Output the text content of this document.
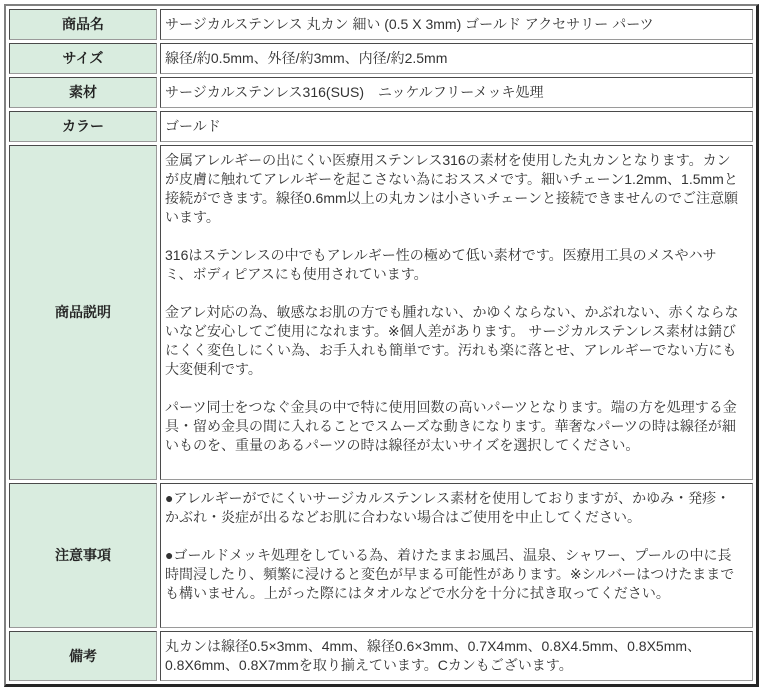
商品名	サージカルステンレス 丸カン 細い (0.5 X 3mm) ゴールド アクセサリー パーツ

サイズ	線径/約0.5mm、外径/約3mm、内径/約2.5mm

素材	サージカルステンレス316(SUS)　ニッケルフリーメッキ処理

カラー	ゴールド

商品説明	金属アレルギーの出にくい医療用ステンレス316の素材を使用した丸カンとなります。カンが皮膚に触れてアレルギーを起こさない為におススメです。細いチェーン1.2mm、1.5mmと接続ができます。線径0.6mm以上の丸カンは小さいチェーンと接続できませんのでご注意願います。

316はステンレスの中でもアレルギー性の極めて低い素材です。医療用工具のメスやハサミ、ボディピアスにも使用されています。

金アレ対応の為、敏感なお肌の方でも腫れない、かゆくならない、かぶれない、赤くならないなど安心してご使用になれます。※個人差があります。 サージカルステンレス素材は錆びにくく変色しにくい為、お手入れも簡単です。汚れも楽に落とせ、アレルギーでない方にも大変便利です。

パーツ同士をつなぐ金具の中で特に使用回数の高いパーツとなります。端の方を処理する金具・留め金具の間に入れることでスムーズな動きになります。華奢なパーツの時は線径が細いものを、重量のあるパーツの時は線径が太いサイズを選択してください。

注意事項	●アレルギーがでにくいサージカルステンレス素材を使用しておりますが、かゆみ・発疹・かぶれ・炎症が出るなどお肌に合わない場合はご使用を中止してください。

●ゴールドメッキ処理をしている為、着けたままお風呂、温泉、シャワー、プールの中に長時間浸したり、頻繁に浸けると変色が早まる可能性があります。※シルバーはつけたままでも構いません。上がった際にはタオルなどで水分を十分に拭き取ってください。

備考	丸カンは線径0.5×3mm、4mm、線径0.6×3mm、0.7X4mm、0.8X4.5mm、0.8X5mm、0.8X6mm、0.8X7mmを取り揃えています。Cカンもございます。
